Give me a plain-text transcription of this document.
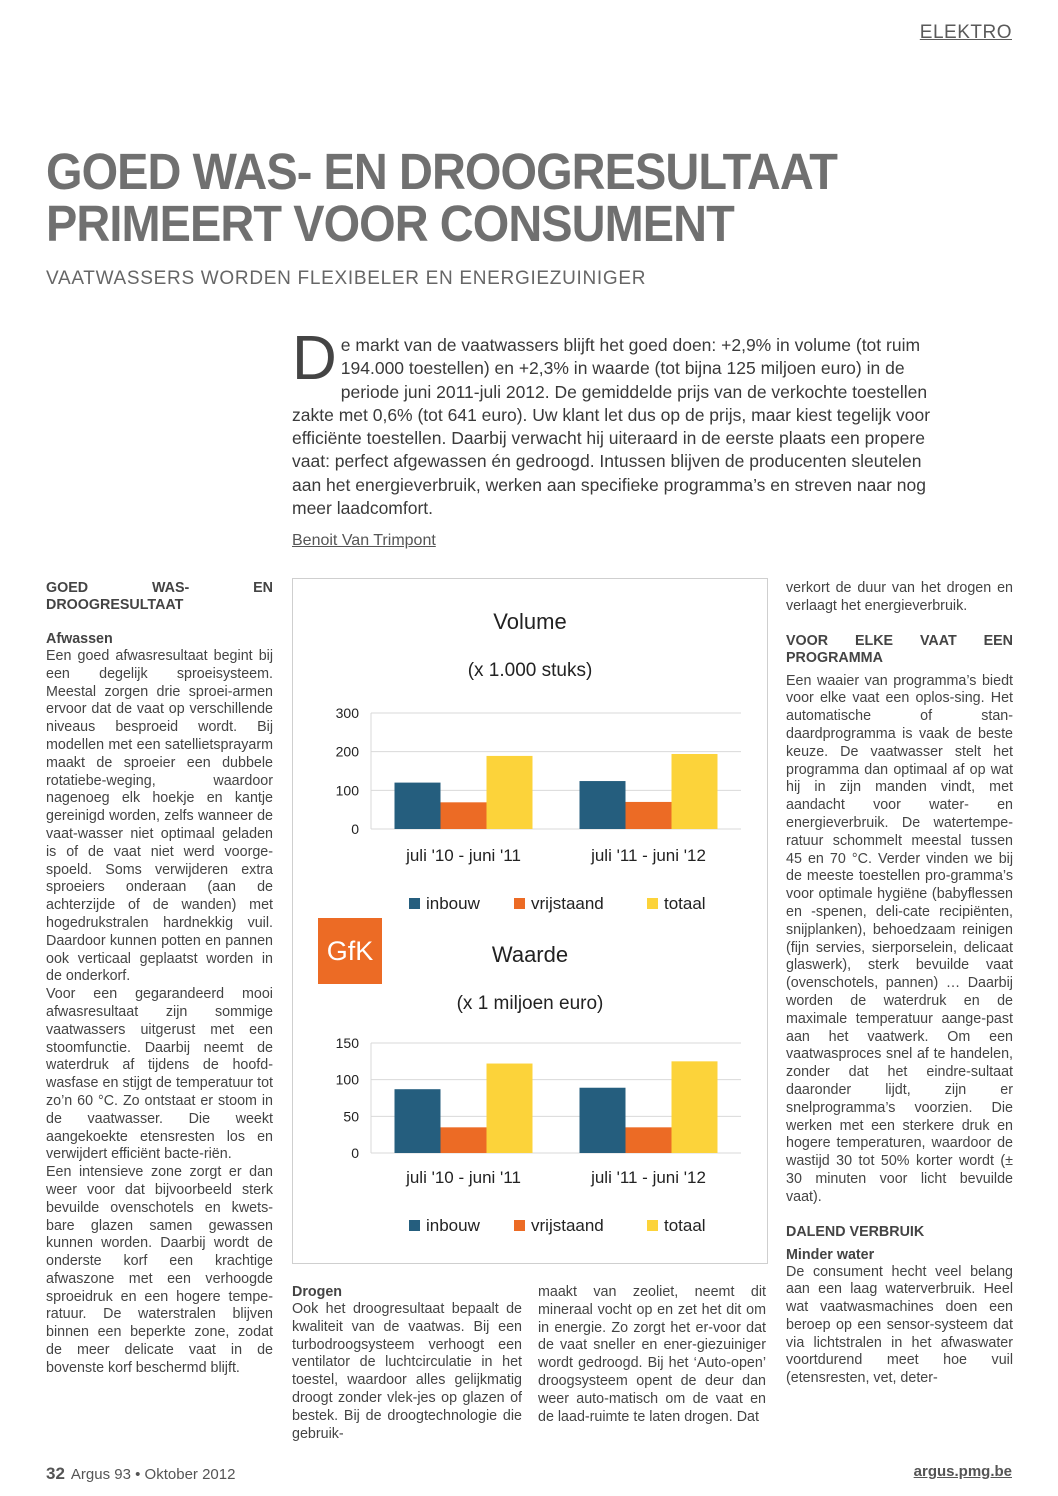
ELEKTRO
GOED WAS- EN DROOGRESULTAAT
PRIMEERT VOOR CONSUMENT
VAATWASSERS WORDEN FLEXIBELER EN ENERGIEZUINIGER

De markt van de vaatwassers blijft het goed doen: +2,9% in volume (tot ruim 194.000 toestellen) en +2,3% in waarde (tot bijna 125 miljoen euro) in de periode juni 2011-juli 2012. De gemiddelde prijs van de verkochte toestellen zakte met 0,6% (tot 641 euro). Uw klant let dus op de prijs, maar kiest tegelijk voor efficiënte toestellen. Daarbij verwacht hij uiteraard in de eerste plaats een propere vaat: perfect afgewassen én gedroogd. Intussen blijven de producenten sleutelen aan het energieverbruik, werken aan specifieke programma’s en streven naar nog meer laadcomfort.

Benoit Van Trimpont
GOED WAS- EN DROOGRESULTAAT
Afwassen

Een goed afwasresultaat begint bij een degelijk sproeisysteem. Meestal zorgen drie sproei-armen ervoor dat de vaat op verschillende niveaus besproeid wordt. Bij modellen met een satellietsprayarm maakt de sproeier een dubbele rotatiebe-weging, waardoor nagenoeg elk hoekje en kantje gereinigd worden, zelfs wanneer de vaat-wasser niet optimaal geladen is of de vaat niet werd voorge-spoeld. Soms verwijderen extra sproeiers onderaan (aan de achterzijde of de wanden) met hogedrukstralen hardnekkig vuil. Daardoor kunnen potten en pannen ook verticaal geplaatst worden in de onderkorf.

Voor een gegarandeerd mooi afwasresultaat zijn sommige vaatwassers uitgerust met een stoomfunctie. Daarbij neemt de waterdruk af tijdens de hoofd-wasfase en stijgt de temperatuur tot zo’n 60 °C. Zo ontstaat er stoom in de vaatwasser. Die weekt aangekoekte etensresten los en verwijdert efficiënt bacte-riën.

Een intensieve zone zorgt er dan weer voor dat bijvoorbeeld sterk bevuilde ovenschotels en kwets-bare glazen samen gewassen kunnen worden. Daarbij wordt de onderste korf een krachtige afwaszone met een verhoogde sproeidruk en een hogere tempe-ratuur. De waterstralen blijven binnen een beperkte zone, zodat de meer delicate vaat in de bovenste korf beschermd blijft.

Volume
(x 1.000 stuks)
0
100
200
300
juli '10 - juni '11	juli '11 - juni '12
inbouw	vrijstaand	totaal
Waarde
(x 1 miljoen euro)
0
50
100
150
juli '10 - juni '11	juli '11 - juni '12
inbouw	vrijstaand	totaal
GfK
Drogen

Ook het droogresultaat bepaalt de kwaliteit van de vaatwas. Bij een turbodroogsysteem verhoogt een ventilator de luchtcirculatie in het toestel, waardoor alles gelijkmatig droogt zonder vlek-jes op glazen of bestek. Bij de droogtechnologie die gebruik-

maakt van zeoliet, neemt dit mineraal vocht op en zet het dit om in energie. Zo zorgt het er-voor dat de vaat sneller en ener-giezuiniger wordt gedroogd. Bij het ‘Auto-open’ droogsysteem opent de deur dan weer auto-matisch om de vaat en de laad-ruimte te laten drogen. Dat

verkort de duur van het drogen en verlaagt het energieverbruik.

VOOR ELKE VAAT EEN PROGRAMMA

Een waaier van programma’s biedt voor elke vaat een oplos-sing. Het automatische of stan-daardprogramma is vaak de beste keuze. De vaatwasser stelt het programma dan optimaal af op wat hij in zijn manden vindt, met aandacht voor water- en energieverbruik. De watertempe-ratuur schommelt meestal tussen 45 en 70 °C. Verder vinden we bij de meeste toestellen pro-gramma’s voor optimale hygiëne (babyflessen en -spenen, deli-cate recipiënten, snijplanken), behoedzaam reinigen (fijn servies, sierporselein, delicaat glaswerk), sterk bevuilde vaat (ovenschotels, pannen) … Daarbij worden de waterdruk en de maximale temperatuur aange-past aan het vaatwerk. Om een vaatwasproces snel af te handelen, zonder dat het eindre-sultaat daaronder lijdt, zijn er snelprogramma’s voorzien. Die werken met een sterkere druk en hogere temperaturen, waardoor de wastijd 30 tot 50% korter wordt (± 30 minuten voor licht bevuilde vaat).

DALEND VERBRUIK
Minder water

De consument hecht veel belang aan een laag waterverbruik. Heel wat vaatwasmachines doen een beroep op een sensor-systeem dat via lichtstralen in het afwaswater voortdurend meet hoe vuil (etensresten, vet, deter-

32 Argus 93 • Oktober 2012	argus.pmg.be
